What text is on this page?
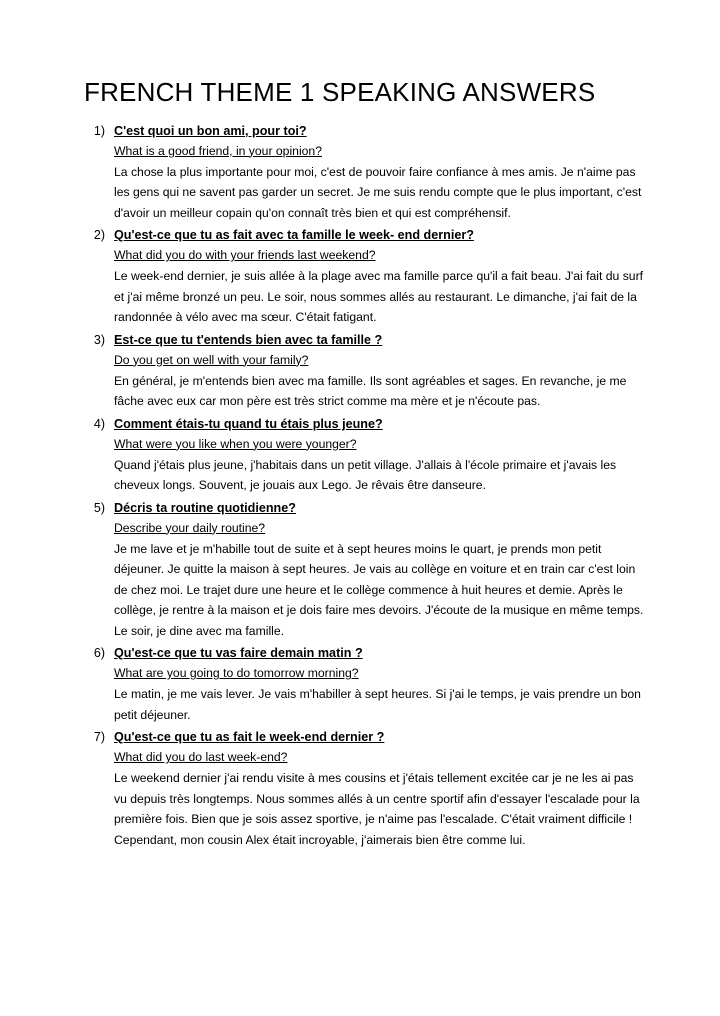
FRENCH THEME 1 SPEAKING ANSWERS
1) C'est quoi un bon ami, pour toi?

What is a good friend, in your opinion?

La chose la plus importante pour moi, c'est de pouvoir faire confiance à mes amis. Je n'aime pas les gens qui ne savent pas garder un secret. Je me suis rendu compte que le plus important, c'est d'avoir un meilleur copain qu'on connaît très bien et qui est compréhensif.

2) Qu'est-ce que tu as fait avec ta famille le week- end dernier?

What did you do with your friends last weekend?

Le week-end dernier, je suis allée à la plage avec ma famille parce qu'il a fait beau. J'ai fait du surf et j'ai même bronzé un peu. Le soir, nous sommes allés au restaurant. Le dimanche, j'ai fait de la randonnée à vélo avec ma sœur. C'était fatigant.

3) Est-ce que tu t'entends bien avec ta famille ?

Do you get on well with your family?

En général, je m'entends bien avec ma famille. Ils sont agréables et sages. En revanche, je me fâche avec eux car mon père est très strict comme ma mère et je n'écoute pas.

4) Comment étais-tu quand tu étais plus jeune?

What were you like when you were younger?

Quand j'étais plus jeune, j'habitais dans un petit village. J'allais à l'école primaire et j'avais les cheveux longs. Souvent, je jouais aux Lego. Je rêvais être danseure.

5) Décris ta routine quotidienne?

Describe your daily routine?

Je me lave et je m'habille tout de suite et à sept heures moins le quart, je prends mon petit déjeuner. Je quitte la maison à sept heures. Je vais au collège en voiture et en train car c'est loin de chez moi. Le trajet dure une heure et le collège commence à huit heures et demie. Après le collège, je rentre à la maison et je dois faire mes devoirs. J'écoute de la musique en même temps. Le soir, je dine avec ma famille.

6) Qu'est-ce que tu vas faire demain matin ?

What are you going to do tomorrow morning?

Le matin, je me vais lever. Je vais m'habiller à sept heures. Si j'ai le temps, je vais prendre un bon petit déjeuner.

7) Qu'est-ce que tu as fait le week-end dernier ?

What did you do last week-end?

Le weekend dernier j'ai rendu visite à mes cousins et j'étais tellement excitée car je ne les ai pas vu depuis très longtemps. Nous sommes allés à un centre sportif afin d'essayer l'escalade pour la première fois. Bien que je sois assez sportive, je n'aime pas l'escalade. C'était vraiment difficile ! Cependant, mon cousin Alex était incroyable, j'aimerais bien être comme lui.
